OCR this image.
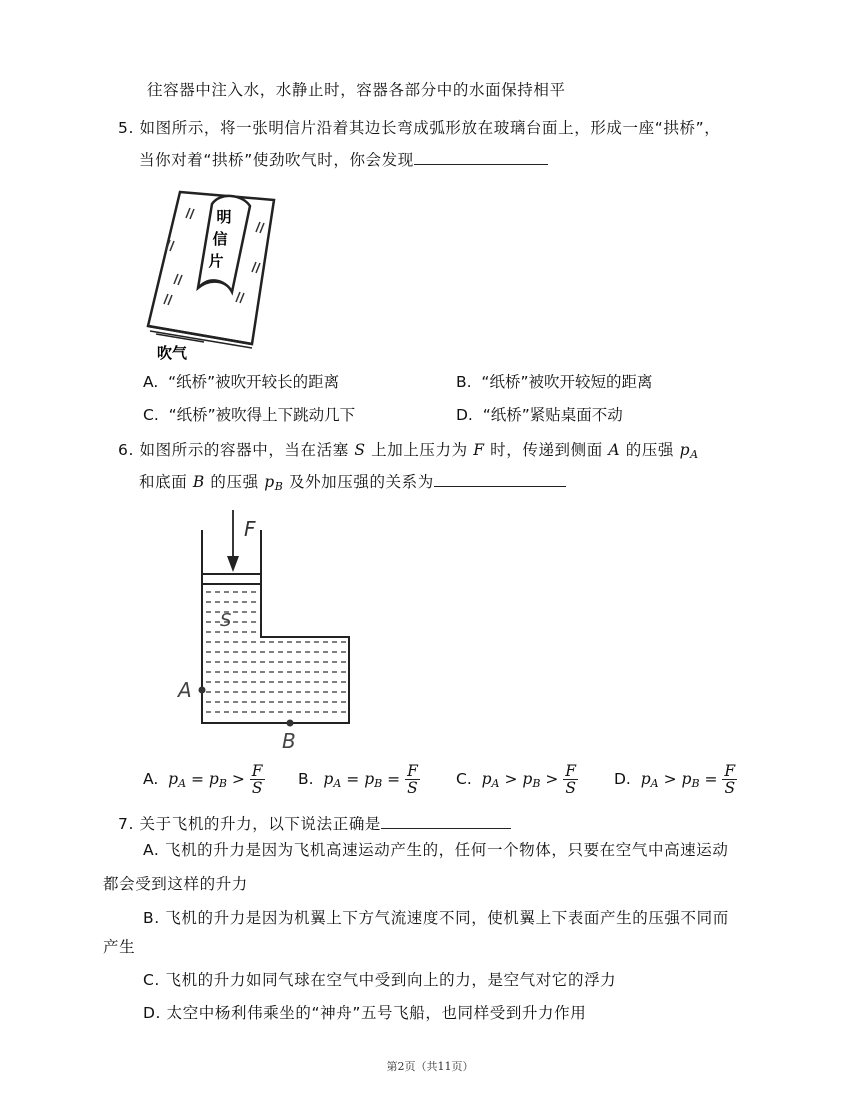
往容器中注入水，水静止时，容器各部分中的水面保持相平
5. 如图所示，将一张明信片沿着其边长弯成弧形放在玻璃台面上，形成一座“拱桥”，
当你对着“拱桥”使劲吹气时，你会发现
明
信
片
吹气
A. “纸桥”被吹开较长的距离	B. “纸桥”被吹开较短的距离
C. “纸桥”被吹得上下跳动几下	D. “纸桥”紧贴桌面不动
6. 如图所示的容器中，当在活塞 S 上加上压力为 F 时，传递到侧面 A 的压强 $p_A$
和底面 B 的压强 $p_B$ 及外加压强的关系为
F
S
A
B
A. $p_A = p_B > \frac{F}{S} B$. $p_A = p_B = \frac{F}{S} C$. $p_A > p_B > \frac{F}{S} D$. $p_A > p_B = \frac{F}{S}$
7. 关于飞机的升力，以下说法正确是
A. 飞机的升力是因为飞机高速运动产生的，任何一个物体，只要在空气中高速运动
都会受到这样的升力
B. 飞机的升力是因为机翼上下方气流速度不同，使机翼上下表面产生的压强不同而
产生
C. 飞机的升力如同气球在空气中受到向上的力，是空气对它的浮力
D. 太空中杨利伟乘坐的“神舟”五号飞船，也同样受到升力作用
第2页（共11页）
